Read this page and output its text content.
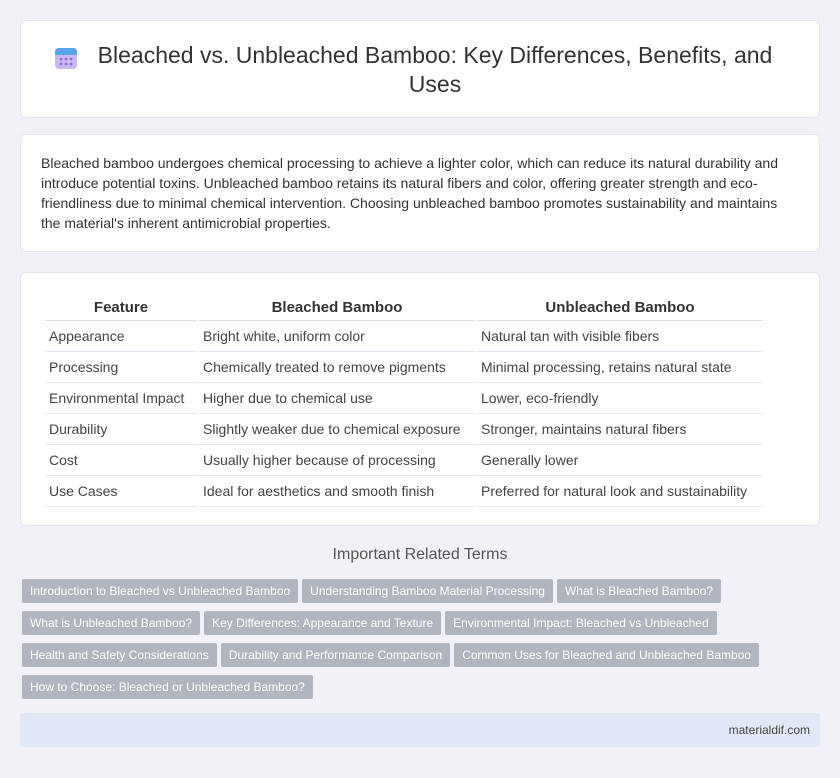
Bleached vs. Unbleached Bamboo: Key Differences, Benefits, and Uses

Bleached bamboo undergoes chemical processing to achieve a lighter color, which can reduce its natural durability and introduce potential toxins. Unbleached bamboo retains its natural fibers and color, offering greater strength and eco-friendliness due to minimal chemical intervention. Choosing unbleached bamboo promotes sustainability and maintains the material's inherent antimicrobial properties.

Feature	Bleached Bamboo	Unbleached Bamboo
Appearance	Bright white, uniform color	Natural tan with visible fibers
Processing	Chemically treated to remove pigments	Minimal processing, retains natural state
Environmental Impact	Higher due to chemical use	Lower, eco-friendly
Durability	Slightly weaker due to chemical exposure	Stronger, maintains natural fibers
Cost	Usually higher because of processing	Generally lower
Use Cases	Ideal for aesthetics and smooth finish	Preferred for natural look and sustainability
Important Related Terms
Introduction to Bleached vs Unbleached Bamboo Understanding Bamboo Material Processing What is Bleached Bamboo?What is Unbleached Bamboo? Key Differences: Appearance and Texture Environmental Impact: Bleached vs UnbleachedHealth and Safety Considerations Durability and Performance Comparison Common Uses for Bleached and Unbleached BambooHow to Choose: Bleached or Unbleached Bamboo?
materialdif.com
